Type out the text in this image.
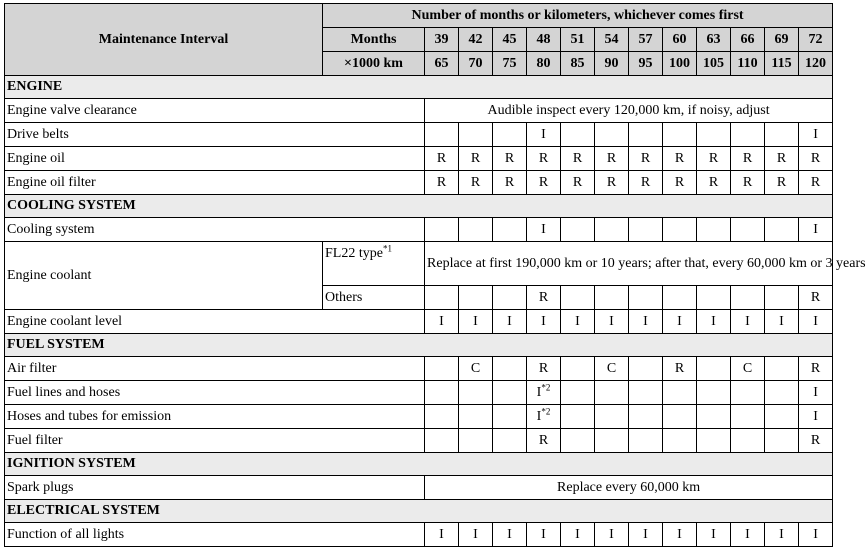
Maintenance Interval	Number of months or kilometers, whichever comes first												
	Months	39	42	45	48	51	54	57	60	63	66	69	72
	×1000 km	65	70	75	80	85	90	95	100	105	110	115	120
ENGINE													
Engine valve clearance		Audible inspect every 120,000 km, if noisy, adjust											
Drive belts					I								I
Engine oil		R	R	R	R	R	R	R	R	R	R	R	R
Engine oil filter		R	R	R	R	R	R	R	R	R	R	R	R
COOLING SYSTEM													
Cooling system					I								I
Engine coolant	FL22 type$^{*1}$	Replace at first 190,000 km or 10 years; after that, every 60,000 km or 3 years											
	Others				R								R
Engine coolant level		I	I	I	I	I	I	I	I	I	I	I	I
FUEL SYSTEM													
Air filter			C		R		C		R		C		R
Fuel lines and hoses					$I^{*2}$								I
Hoses and tubes for emission					$I^{*2}$								I
Fuel filter					R								R
IGNITION SYSTEM													
Spark plugs		Replace every 60,000 km											
ELECTRICAL SYSTEM													
Function of all lights		I	I	I	I	I	I	I	I	I	I	I	I
